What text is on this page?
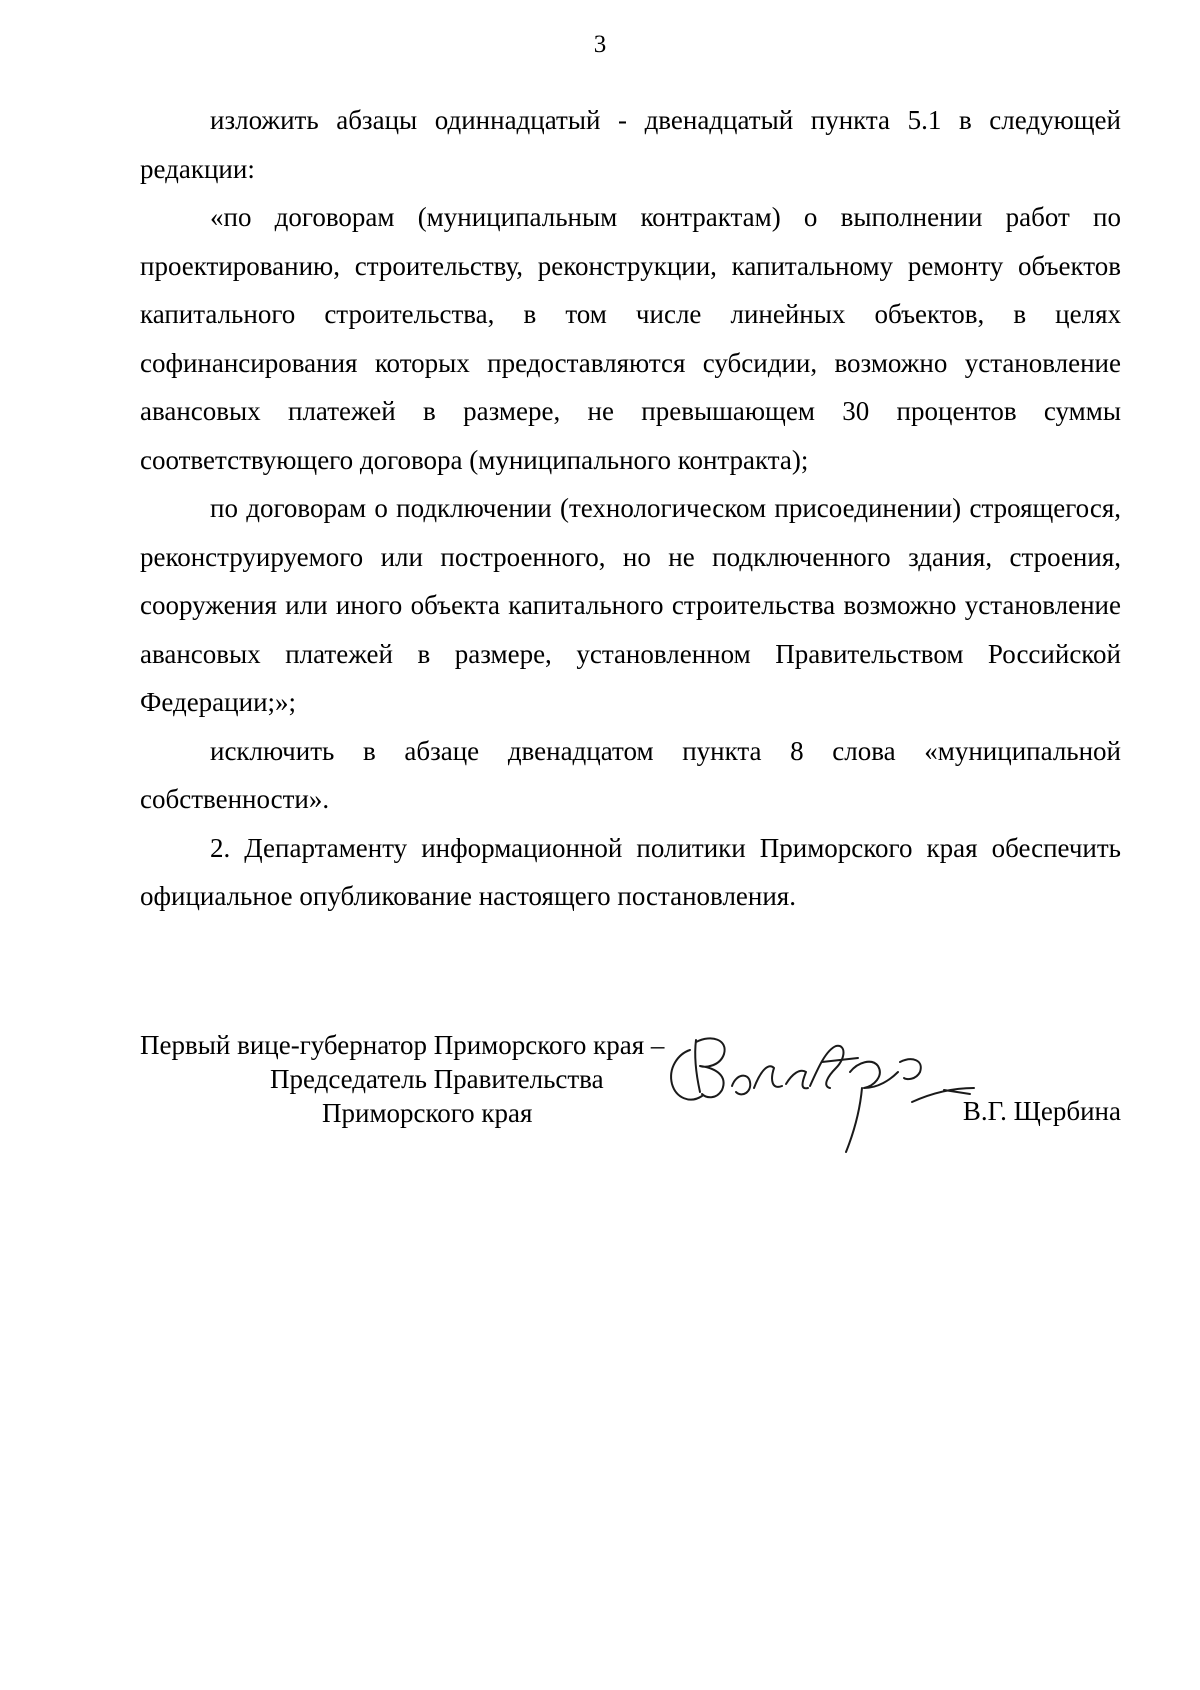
3

изложить абзацы одиннадцатый - двенадцатый пункта 5.1 в следующей редакции:

«по договорам (муниципальным контрактам) о выполнении работ по проектированию, строительству, реконструкции, капитальному ремонту объектов капитального строительства, в том числе линейных объектов, в целях софинансирования которых предоставляются субсидии, возможно установление авансовых платежей в размере, не превышающем 30 процентов суммы соответствующего договора (муниципального контракта);

по договорам о подключении (технологическом присоединении) строящегося, реконструируемого или построенного, но не подключенного здания, строения, сооружения или иного объекта капитального строительства возможно установление авансовых платежей в размере, установленном Правительством Российской Федерации;»;

исключить в абзаце двенадцатом пункта 8 слова «муниципальной собственности».

2. Департаменту информационной политики Приморского края обеспечить официальное опубликование настоящего постановления.

Первый вице-губернатор Приморского края –
Председатель Правительства
Приморского края	В.Г. Щербина
